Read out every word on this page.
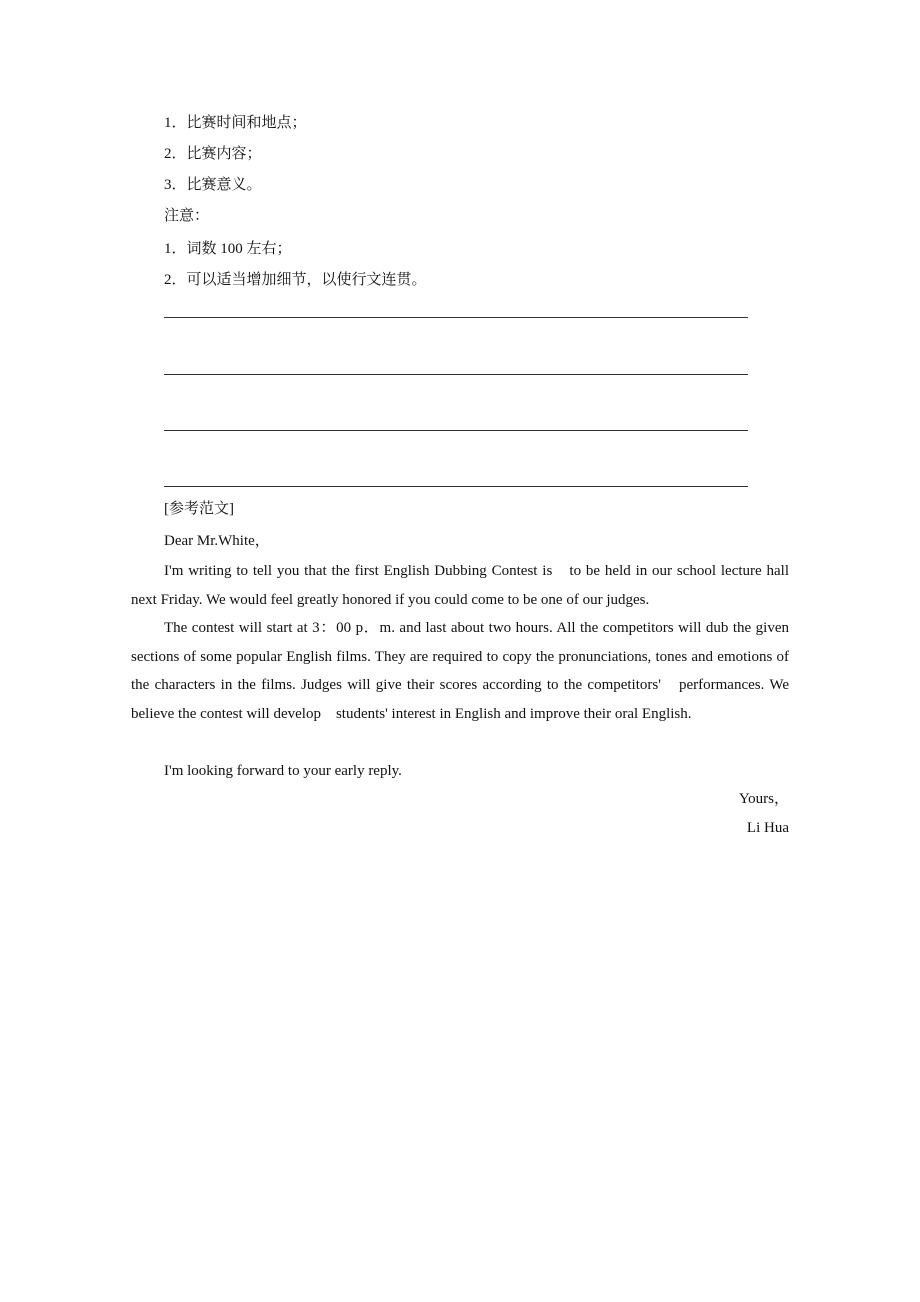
1．比赛时间和地点；
2．比赛内容；
3．比赛意义。
注意：
1．词数 100 左右；
2．可以适当增加细节，以使行文连贯。
[参考范文]
Dear Mr.White，
I'm writing to tell you that the first English Dubbing Contest is　to be held in our school lecture hall next Friday. We would feel greatly honored if you could come to be one of our judges.
The contest will start at 3：00 p．m. and last about two hours. All the competitors will dub the given sections of some popular English films. They are required to copy the pronunciations, tones and emotions of the characters in the films. Judges will give their scores according to the competitors'　performances. We believe the contest will develop　students' interest in English and improve their oral English.
I'm looking forward to your early reply.
Yours，
Li Hua
